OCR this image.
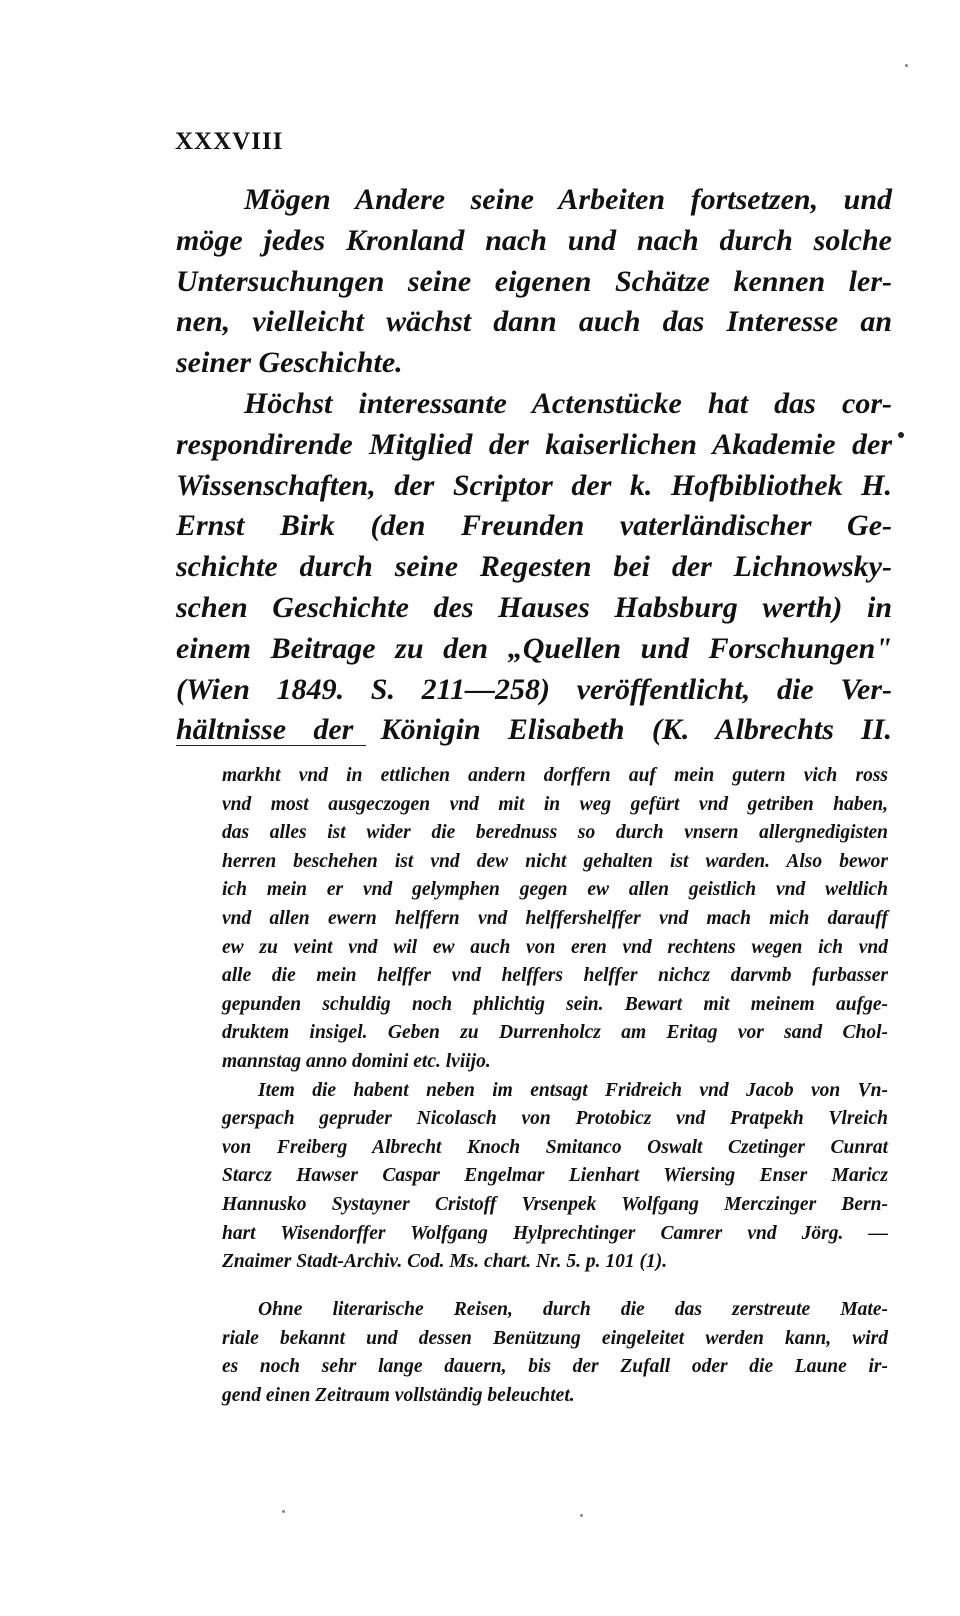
XXXVIII
Mögen Andere seine Arbeiten fortsetzen, und
möge jedes Kronland nach und nach durch solche
Untersuchungen seine eigenen Schätze kennen ler-
nen, vielleicht wächst dann auch das Interesse an
seiner Geschichte.
Höchst interessante Actenstücke hat das cor-
respondirende Mitglied der kaiserlichen Akademie der
Wissenschaften, der Scriptor der k. Hofbibliothek H.
Ernst Birk (den Freunden vaterländischer Ge-
schichte durch seine Regesten bei der Lichnowsky-
schen Geschichte des Hauses Habsburg werth) in
einem Beitrage zu den „Quellen und Forschungen"
(Wien 1849. S. 211—258) veröffentlicht, die Ver-
hältnisse der Königin Elisabeth (K. Albrechts II.
markht vnd in ettlichen andern dorffern auf mein gutern vich ross
vnd most ausgeczogen vnd mit in weg gefürt vnd getriben haben,
das alles ist wider die berednuss so durch vnsern allergnedigisten
herren beschehen ist vnd dew nicht gehalten ist warden. Also bewor
ich mein er vnd gelymphen gegen ew allen geistlich vnd weltlich
vnd allen ewern helffern vnd helffershelffer vnd mach mich darauff
ew zu veint vnd wil ew auch von eren vnd rechtens wegen ich vnd
alle die mein helffer vnd helffers helffer nichcz darvmb furbasser
gepunden schuldig noch phlichtig sein. Bewart mit meinem aufge-
druktem insigel. Geben zu Durrenholcz am Eritag vor sand Chol-
mannstag anno domini etc. lviijo.
Item die habent neben im entsagt Fridreich vnd Jacob von Vn-
gerspach gepruder Nicolasch von Protobicz vnd Pratpekh Vlreich
von Freiberg Albrecht Knoch Smitanco Oswalt Czetinger Cunrat
Starcz Hawser Caspar Engelmar Lienhart Wiersing Enser Maricz
Hannusko Systayner Cristoff Vrsenpek Wolfgang Merczinger Bern-
hart Wisendorffer Wolfgang Hylprechtinger Camrer vnd Jörg. —
Znaimer Stadt-Archiv. Cod. Ms. chart. Nr. 5. p. 101 (1).
Ohne literarische Reisen, durch die das zerstreute Mate-
riale bekannt und dessen Benützung eingeleitet werden kann, wird
es noch sehr lange dauern, bis der Zufall oder die Laune ir-
gend einen Zeitraum vollständig beleuchtet.
